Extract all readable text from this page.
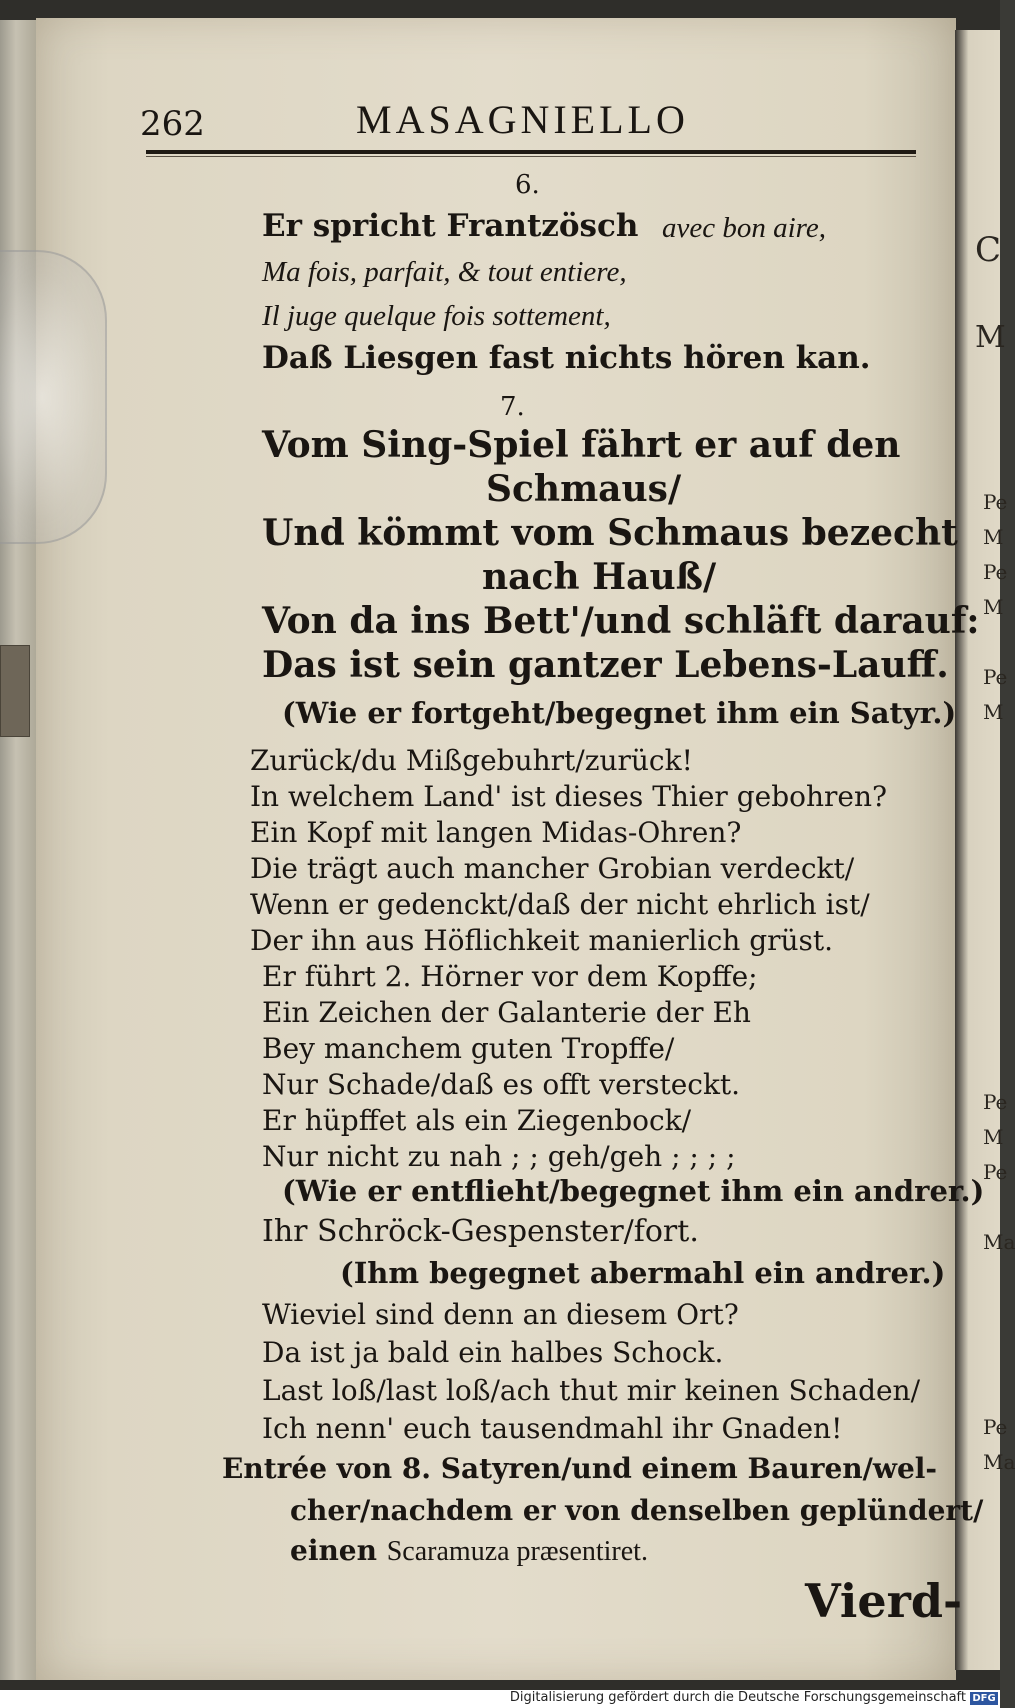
C
M
Pe
M
Pe
M
Pe
M
Pe
M
Pe
Ma
Pe
Ma
262	MASAGNIELLO
6.
Er spricht Frantzösch avec bon aire,
Ma fois, parfait, & tout entiere,
Il juge quelque fois sottement,
Daß Liesgen fast nichts hören kan.
7.
Vom Sing-Spiel fährt er auf den
Schmaus/
Und kömmt vom Schmaus bezecht
nach Hauß/
Von da ins Bett'/und schläft darauf:
Das ist sein gantzer Lebens-Lauff.
(Wie er fortgeht/begegnet ihm ein Satyr.)
Zurück/du Mißgebuhrt/zurück!
In welchem Land' ist dieses Thier gebohren?
Ein Kopf mit langen Midas-Ohren?
Die trägt auch mancher Grobian verdeckt/
Wenn er gedenckt/daß der nicht ehrlich ist/
Der ihn aus Höflichkeit manierlich grüst.
Er führt 2. Hörner vor dem Kopffe;
Ein Zeichen der Galanterie der Eh
Bey manchem guten Tropffe/
Nur Schade/daß es offt versteckt.
Er hüpffet als ein Ziegenbock/
Nur nicht zu nah ; ; geh/geh ; ; ; ;
(Wie er entflieht/begegnet ihm ein andrer.)
Ihr Schröck-Gespenster/fort.
(Ihm begegnet abermahl ein andrer.)
Wieviel sind denn an diesem Ort?
Da ist ja bald ein halbes Schock.
Last loß/last loß/ach thut mir keinen Schaden/
Ich nenn' euch tausendmahl ihr Gnaden!
Entrée von 8. Satyren/und einem Bauren/wel-
cher/nachdem er von denselben geplündert/
einen Scaramuza præsentiret.
Vierd-
Digitalisierung gefördert durch die Deutsche Forschungsgemeinschaft DFG
